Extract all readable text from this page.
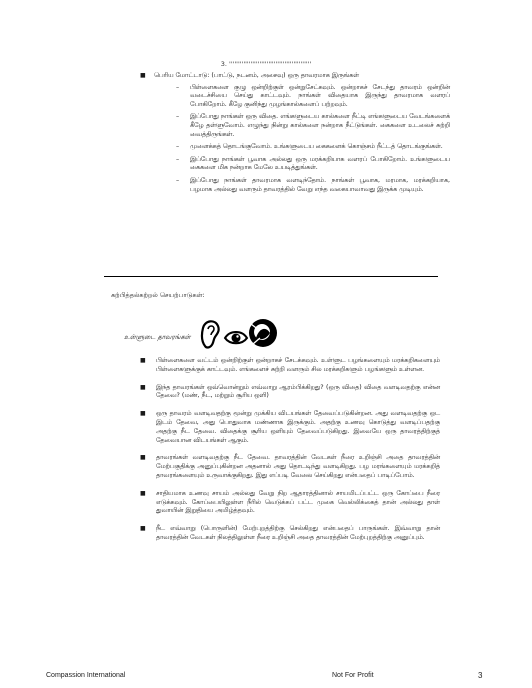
3. ''''''''''''''''''''''''''''''''''''''''''''''
■ பெரிய மோட்டாடு: (பாட்டு, நடனம், அசைவு) ஒரு தாவரமாக இருங்கள்
– பிள்ளைகளை குழு ஒன்றிற்குள் ஒன்றுசேட்கவும். ஒன்றாகச் சேடந்து தாவரம் ஒன்றின் வடைச்சியை செய்து காட்டவும். நாங்கள் விதையாக இருந்து தாவரமாக வளரப் போகிறோம். கீழே குனிந்து முழங்கால்களைப் பற்றவும்.
– இப்போது நாங்கள் ஒரு விதை. எங்களுடைய கால்களை நீட்டி எங்களுடைய வேடங்களைக் கீழே தள்ளுவோம். எழுந்து நின்று கால்களை நன்றாக நீட்டுங்கள். கைகளை உடலைச் சுற்றி வைத்திருங்கள்.
– முளைக்கத் தொடங்குவோம். உங்களுடைய கைகளைக் கொஞ்சம் நீட்டத் தொடங்குங்கள்.
– இப்போது நாங்கள் பூவாக அல்லது ஒரு மரக்கறியாக வளரப் போகிறோம். உங்களுடைய கைகளை மிக நன்றாக மேலே உயடித்துங்கள்.
– இப்போது நாங்கள் தாவரமாக வளடிந்தோம். நாங்கள் பூவாக, மரமாக, மரக்கறியாக, பழமாக அல்லது வளரும் தாவரத்தில் வேறு எந்த வகையாவாவது இருக்க முடியும்.
கற்பித்தல்கற்றல் செயற்பாடுகள்:
உள்ளுடை தாவரங்கள்
■ பிள்ளைகளை வட்டம் ஒன்றிற்குள் ஒன்றாகச் சேடக்கவும். உள்ளுட பழங்களையும் மரக்கறிகளையும் பிள்ளைகளுக்குக் காட்டவும். எங்களைச் சுற்றி வளரும் சில மரக்கறிகளும் பழங்களும் உள்ளன.
■ இந்த தாவரங்கள் ஒவ்வொன்றும் எவ்வாறு ஆரம்பிக்கிறது? (ஒரு விதை) விதை வளடிவதற்கு என்ன தேவை? (மண், நீட, மற்றும் சூரிய ஒளி)
■ ஒரு தாவரம் வளடிவதற்கு மூன்று முக்கிய விடயங்கள் தேவைப்படுகின்றன. அது வளடிவதற்கு ஒட இடம் தேவை, அது பொதுவாக மண்ணாக இருக்கும். அதற்கு உணவு கொடுத்து வளடிப்பதற்கு அதற்கு நீட தேவை. விதைக்கு சூரிய ஒளியும் தேவைப்படுகிறது. இவையே ஒரு தாவரத்திற்குத் தேவையான விடயங்கள் ஆகும்.
■ தாவரங்கள் வளடிவதற்கு நீட தேவை. தாவரத்தின் வேடகள் நீரை உறிஞ்சி அதை தாவரத்தின் மேற்பகுதிக்கு அனுப்புகின்றன அதனால் அது தொடடிந்து வளடிகிறது. பழ மரங்களையும் மரக்கறித் தாவரங்களையும் உருவாக்குகிறது. இது எப்படி வேலை செய்கிறது என்பதைப் பாடிப்போம்.
■ சாதியமாக உணவு சாயம் அல்லது வேறு நிற ஆதாரத்தினால் சாயமிடப்பட்ட ஒரு கோப்பை நீரை எடுக்கவும். கோப்பையிலுள்ள நீரில் வெடுக்கப் பட்ட முகை வெல்லிக்கைத் தான் அல்லது தாள் துவாயின் இறுதியை அமிழ்த்தவும்.
■ நீட எவ்வாறு (பொருளின்) மேற்புறத்திற்கு செல்கிறது என்பதைப் பாருங்கள். இவ்வாறு தான் தாவரத்தின் வேடகள் நிலத்திலுள்ள நீரை உறிஞ்சி அதை தாவரத்தின் மேற்புறத்திற்கு அனுப்பும்.
Compassion International	Not For Profit	3
